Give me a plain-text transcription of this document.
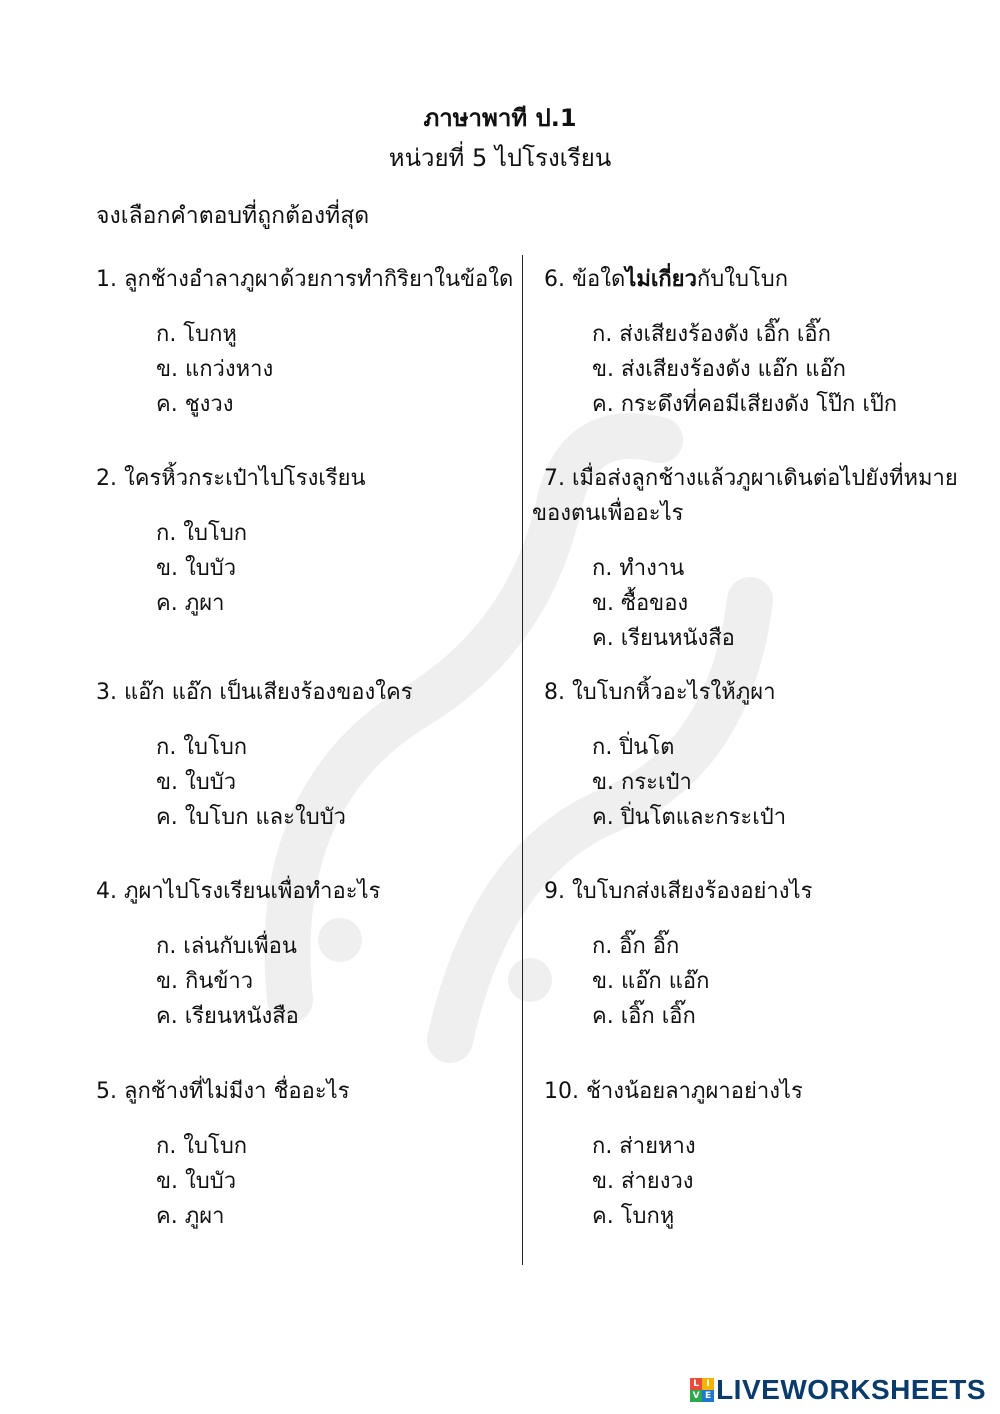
ภาษาพาที ป.1
หน่วยที่ 5 ไปโรงเรียน
จงเลือกคำตอบที่ถูกต้องที่สุด
1. ลูกช้างอำลาภูผาด้วยการทำกิริยาในข้อใด
ก. โบกหู
ข. แกว่งหาง
ค. ชูงวง
2. ใครหิ้วกระเป๋าไปโรงเรียน
ก. ใบโบก
ข. ใบบัว
ค. ภูผา
3. แอ๊ก แอ๊ก เป็นเสียงร้องของใคร
ก. ใบโบก
ข. ใบบัว
ค. ใบโบก และใบบัว
4. ภูผาไปโรงเรียนเพื่อทำอะไร
ก. เล่นกับเพื่อน
ข. กินข้าว
ค. เรียนหนังสือ
5. ลูกช้างที่ไม่มีงา ชื่ออะไร
ก. ใบโบก
ข. ใบบัว
ค. ภูผา
6. ข้อใดไม่เกี่ยวกับใบโบก
ก. ส่งเสียงร้องดัง เอิ๊ก เอิ๊ก
ข. ส่งเสียงร้องดัง แอ๊ก แอ๊ก
ค. กระดึงที่คอมีเสียงดัง โป๊ก เป๊ก
7. เมื่อส่งลูกช้างแล้วภูผาเดินต่อไปยังที่หมายของตนเพื่ออะไร
ก. ทำงาน
ข. ซื้อของ
ค. เรียนหนังสือ
8. ใบโบกหิ้วอะไรให้ภูผา
ก. ปิ่นโต
ข. กระเป๋า
ค. ปิ่นโตและกระเป๋า
9. ใบโบกส่งเสียงร้องอย่างไร
ก. อิ๊ก อิ๊ก
ข. แอ๊ก แอ๊ก
ค. เอิ๊ก เอิ๊ก
10. ช้างน้อยลาภูผาอย่างไร
ก. ส่ายหาง
ข. ส่ายงวง
ค. โบกหู
L I
V E LIVEWORKSHEETS
